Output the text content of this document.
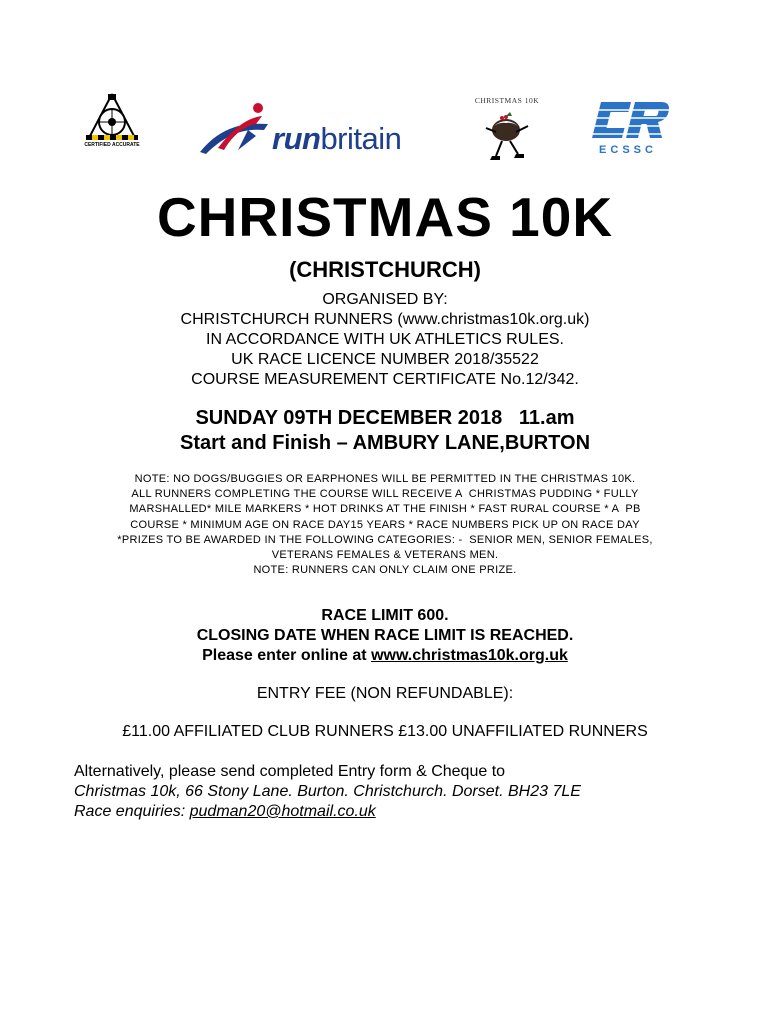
CERTIFIED ACCURATE	runbritain
CHRISTMAS 10K
ECSSC
CHRISTMAS 10K
(CHRISTCHURCH)
ORGANISED BY:
CHRISTCHURCH RUNNERS (www.christmas10k.org.uk)
IN ACCORDANCE WITH UK ATHLETICS RULES.
UK RACE LICENCE NUMBER 2018/35522
COURSE MEASUREMENT CERTIFICATE No.12/342.
SUNDAY 09TH DECEMBER 2018   11.am
Start and Finish – AMBURY LANE,BURTON
NOTE: NO DOGS/BUGGIES OR EARPHONES WILL BE PERMITTED IN THE CHRISTMAS 10K.
ALL RUNNERS COMPLETING THE COURSE WILL RECEIVE A  CHRISTMAS PUDDING * FULLY
MARSHALLED* MILE MARKERS * HOT DRINKS AT THE FINISH * FAST RURAL COURSE * A  PB
COURSE * MINIMUM AGE ON RACE DAY15 YEARS * RACE NUMBERS PICK UP ON RACE DAY
*PRIZES TO BE AWARDED IN THE FOLLOWING CATEGORIES: -  SENIOR MEN, SENIOR FEMALES,
VETERANS FEMALES & VETERANS MEN.
NOTE: RUNNERS CAN ONLY CLAIM ONE PRIZE.
RACE LIMIT 600.
CLOSING DATE WHEN RACE LIMIT IS REACHED.
Please enter online at www.christmas10k.org.uk
ENTRY FEE (NON REFUNDABLE):
£11.00 AFFILIATED CLUB RUNNERS £13.00 UNAFFILIATED RUNNERS
Alternatively, please send completed Entry form & Cheque to
Christmas 10k, 66 Stony Lane. Burton. Christchurch. Dorset. BH23 7LE
Race enquiries: pudman20@hotmail.co.uk
